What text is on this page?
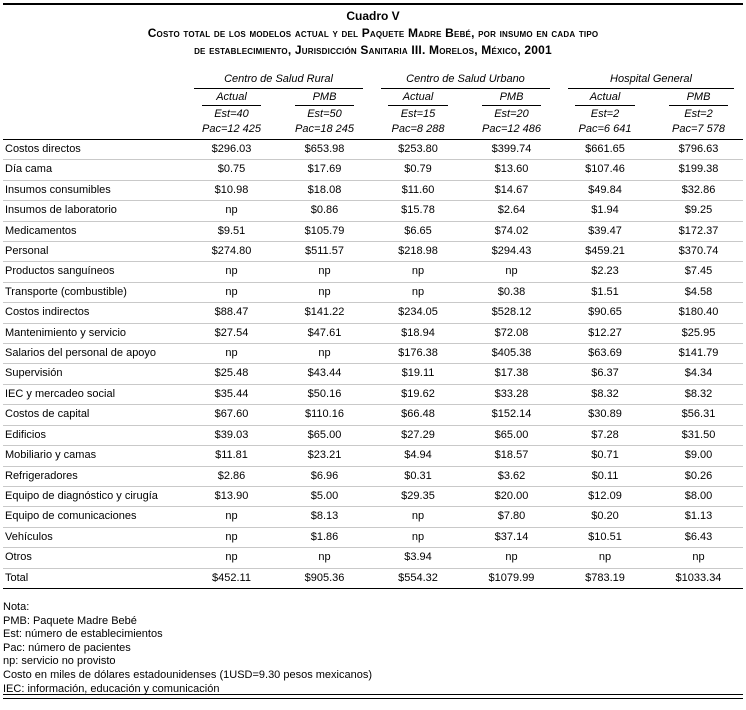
Cuadro V
Costo total de los modelos actual y del Paquete Madre Bebé, por insumo en cada tipo
de establecimiento, Jurisdicción Sanitaria III. Morelos, México, 2001
Centro de Salud Rural	Centro de Salud Urbano	Hospital General
Actual	PMB	Actual	PMB	Actual	PMB
Est=40	Est=50	Est=15	Est=20	Est=2	Est=2
Pac=12 425	Pac=18 245	Pac=8 288	Pac=12 486	Pac=6 641	Pac=7 578
Costos directos	$296.03	$653.98	$253.80	$399.74	$661.65	$796.63
Día cama	$0.75	$17.69	$0.79	$13.60	$107.46	$199.38
Insumos consumibles	$10.98	$18.08	$11.60	$14.67	$49.84	$32.86
Insumos de laboratorio	np	$0.86	$15.78	$2.64	$1.94	$9.25
Medicamentos	$9.51	$105.79	$6.65	$74.02	$39.47	$172.37
Personal	$274.80	$511.57	$218.98	$294.43	$459.21	$370.74
Productos sanguíneos	np	np	np	np	$2.23	$7.45
Transporte (combustible)	np	np	np	$0.38	$1.51	$4.58
Costos indirectos	$88.47	$141.22	$234.05	$528.12	$90.65	$180.40
Mantenimiento y servicio	$27.54	$47.61	$18.94	$72.08	$12.27	$25.95
Salarios del personal de apoyo	np	np	$176.38	$405.38	$63.69	$141.79
Supervisión	$25.48	$43.44	$19.11	$17.38	$6.37	$4.34
IEC y mercadeo social	$35.44	$50.16	$19.62	$33.28	$8.32	$8.32
Costos de capital	$67.60	$110.16	$66.48	$152.14	$30.89	$56.31
Edificios	$39.03	$65.00	$27.29	$65.00	$7.28	$31.50
Mobiliario y camas	$11.81	$23.21	$4.94	$18.57	$0.71	$9.00
Refrigeradores	$2.86	$6.96	$0.31	$3.62	$0.11	$0.26
Equipo de diagnóstico y cirugía	$13.90	$5.00	$29.35	$20.00	$12.09	$8.00
Equipo de comunicaciones	np	$8.13	np	$7.80	$0.20	$1.13
Vehículos	np	$1.86	np	$37.14	$10.51	$6.43
Otros	np	np	$3.94	np	np	np
Total	$452.11	$905.36	$554.32	$1079.99	$783.19	$1033.34
Nota:
PMB: Paquete Madre Bebé
Est: número de establecimientos
Pac: número de pacientes
np: servicio no provisto
Costo en miles de dólares estadounidenses (1USD=9.30 pesos mexicanos)
IEC: información, educación y comunicación
